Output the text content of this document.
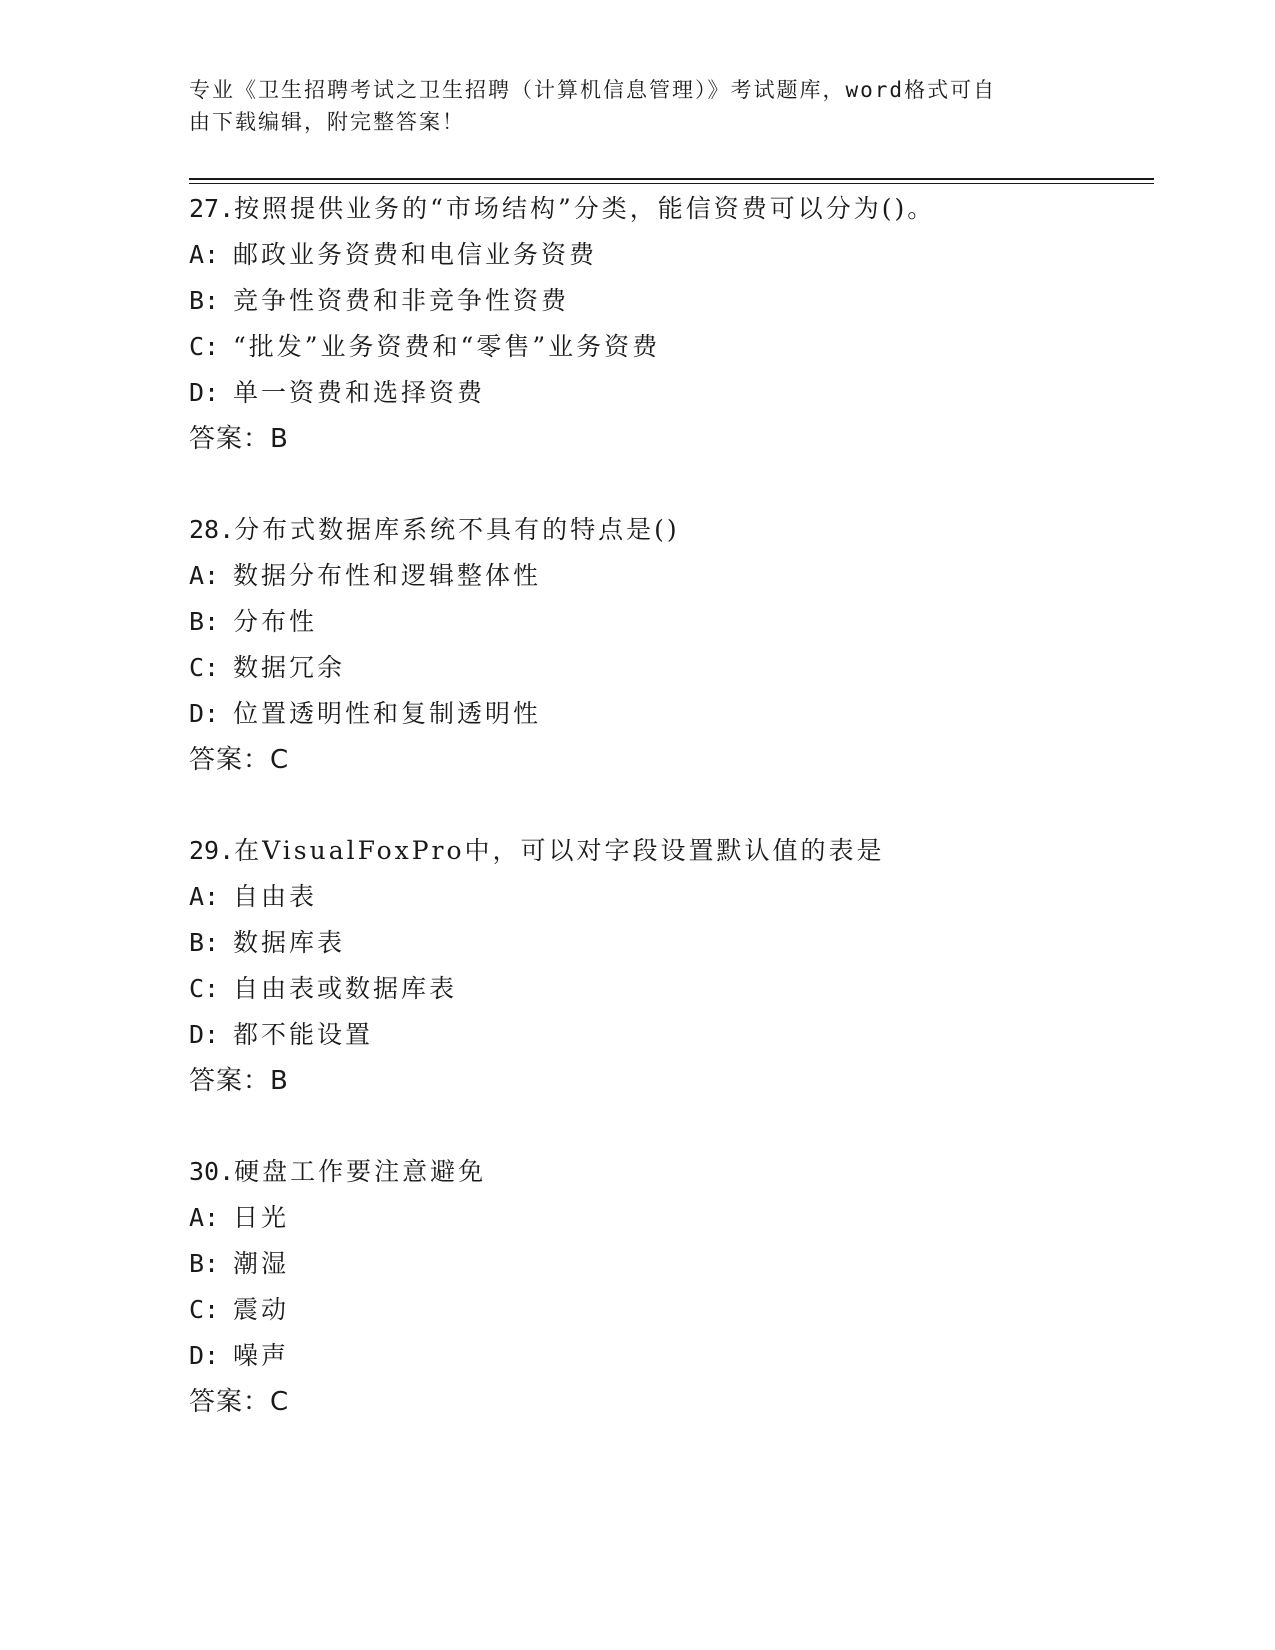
专业《卫生招聘考试之卫生招聘（计算机信息管理）》考试题库，word格式可自
由下载编辑，附完整答案！
27.按照提供业务的“市场结构”分类，能信资费可以分为()。
A: 邮政业务资费和电信业务资费
B: 竞争性资费和非竞争性资费
C: “批发”业务资费和“零售”业务资费
D: 单一资费和选择资费
答案：B
28.分布式数据库系统不具有的特点是()
A: 数据分布性和逻辑整体性
B: 分布性
C: 数据冗余
D: 位置透明性和复制透明性
答案：C
29.在VisualFoxPro中，可以对字段设置默认值的表是
A: 自由表
B: 数据库表
C: 自由表或数据库表
D: 都不能设置
答案：B
30.硬盘工作要注意避免
A: 日光
B: 潮湿
C: 震动
D: 噪声
答案：C
